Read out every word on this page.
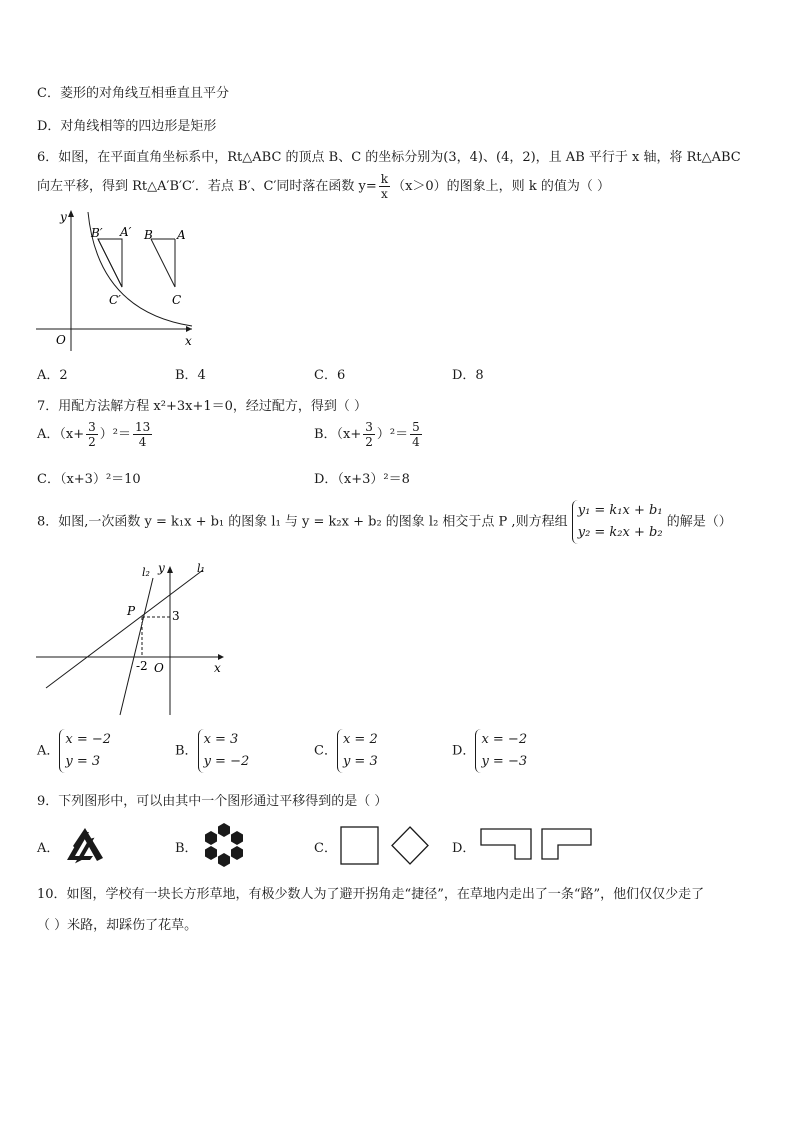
C．菱形的对角线互相垂直且平分
D．对角线相等的四边形是矩形
6．如图，在平面直角坐标系中，Rt△ABC 的顶点 B、C 的坐标分别为(3，4)、(4，2)，且 AB 平行于 x 轴，将 Rt△ABC
向左平移，得到 Rt△A′B′C′．若点 B′、C′同时落在函数 $y= \frac{k}{x} (x>0)$的图象上，则 k 的值为（ ）
y
x
O
B′ A′ B A
C′	C
A．2	B．4	C．6	D．8
7．用配方法解方程 x²+3x+1＝0，经过配方，得到（ ）
A．$(x+ \frac{3}{2} )^2= \frac{13}{4}$	B．$(x+ \frac{3}{2} )^2= \frac{5}{4}$
C．（x+3）²＝10	D．（x+3）²＝8
8．如图,一次函数 y = k₁x + b₁ 的图象 l₁ 与 y = k₂x + b₂ 的图象 l₂ 相交于点 P ,则方程组
y₁ = k₁x + b₁
y₂ = k₂x + b₂
的解是（）
l₂ y	l₁
P	3
-2 O	x
A．
x = −2
y = 3
B．
x = 3
y = −2
C．
x = 2
y = 3
D．
x = −2
y = −3
9．下列图形中，可以由其中一个图形通过平移得到的是（ ）
A．	B．	C．	D．
10．如图，学校有一块长方形草地，有极少数人为了避开拐角走“捷径”，在草地内走出了一条“路”，他们仅仅少走了
（ ）米路，却踩伤了花草。
